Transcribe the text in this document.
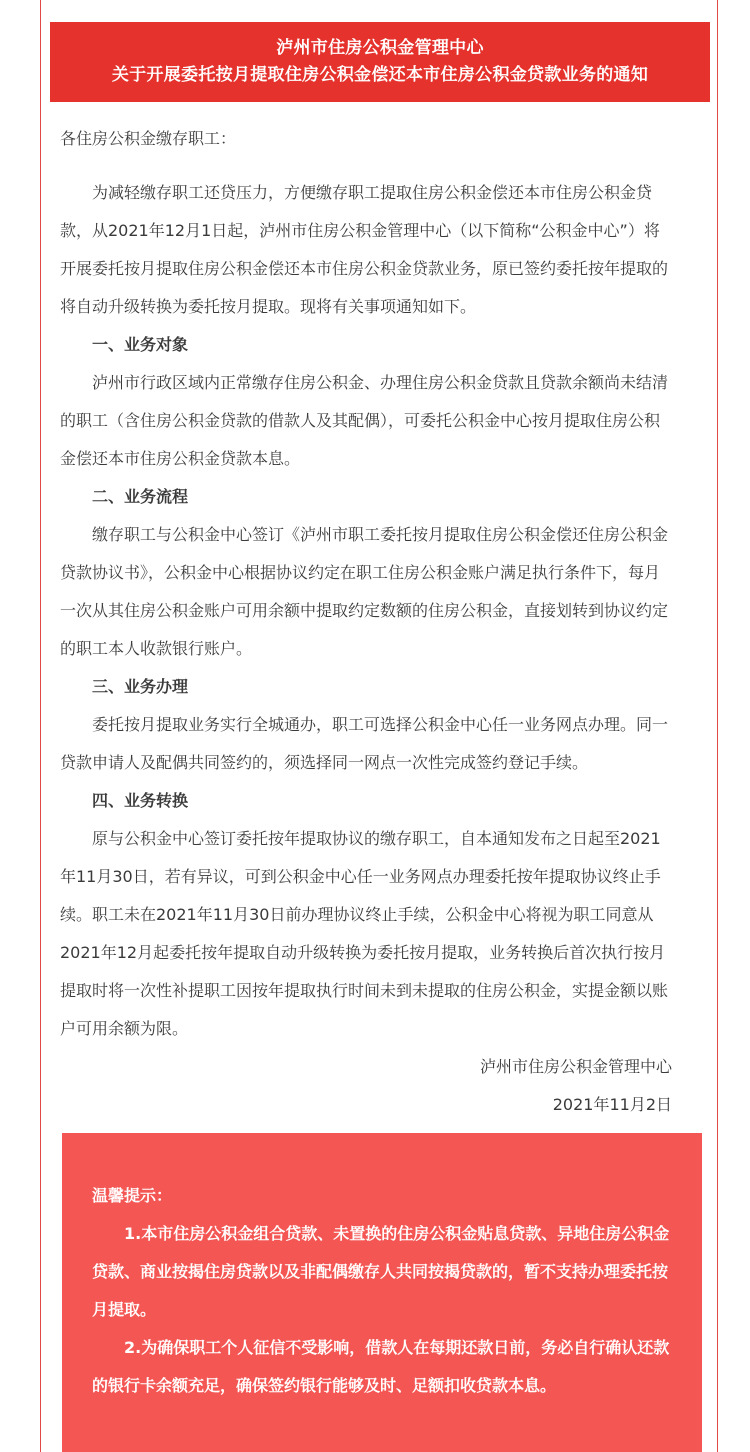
泸州市住房公积金管理中心
关于开展委托按月提取住房公积金偿还本市住房公积金贷款业务的通知

各住房公积金缴存职工：

为减轻缴存职工还贷压力，方便缴存职工提取住房公积金偿还本市住房公积金贷款，从2021年12月1日起，泸州市住房公积金管理中心（以下简称“公积金中心”）将开展委托按月提取住房公积金偿还本市住房公积金贷款业务，原已签约委托按年提取的将自动升级转换为委托按月提取。现将有关事项通知如下。

一、业务对象

泸州市行政区域内正常缴存住房公积金、办理住房公积金贷款且贷款余额尚未结清的职工（含住房公积金贷款的借款人及其配偶），可委托公积金中心按月提取住房公积金偿还本市住房公积金贷款本息。

二、业务流程

缴存职工与公积金中心签订《泸州市职工委托按月提取住房公积金偿还住房公积金贷款协议书》，公积金中心根据协议约定在职工住房公积金账户满足执行条件下，每月一次从其住房公积金账户可用余额中提取约定数额的住房公积金，直接划转到协议约定的职工本人收款银行账户。

三、业务办理

委托按月提取业务实行全城通办，职工可选择公积金中心任一业务网点办理。同一贷款申请人及配偶共同签约的，须选择同一网点一次性完成签约登记手续。

四、业务转换

原与公积金中心签订委托按年提取协议的缴存职工，自本通知发布之日起至2021年11月30日，若有异议，可到公积金中心任一业务网点办理委托按年提取协议终止手续。职工未在2021年11月30日前办理协议终止手续，公积金中心将视为职工同意从2021年12月起委托按年提取自动升级转换为委托按月提取，业务转换后首次执行按月提取时将一次性补提职工因按年提取执行时间未到未提取的住房公积金，实提金额以账户可用余额为限。

泸州市住房公积金管理中心

2021年11月2日

温馨提示：

1.本市住房公积金组合贷款、未置换的住房公积金贴息贷款、异地住房公积金贷款、商业按揭住房贷款以及非配偶缴存人共同按揭贷款的，暂不支持办理委托按月提取。

2.为确保职工个人征信不受影响，借款人在每期还款日前，务必自行确认还款的银行卡余额充足，确保签约银行能够及时、足额扣收贷款本息。
